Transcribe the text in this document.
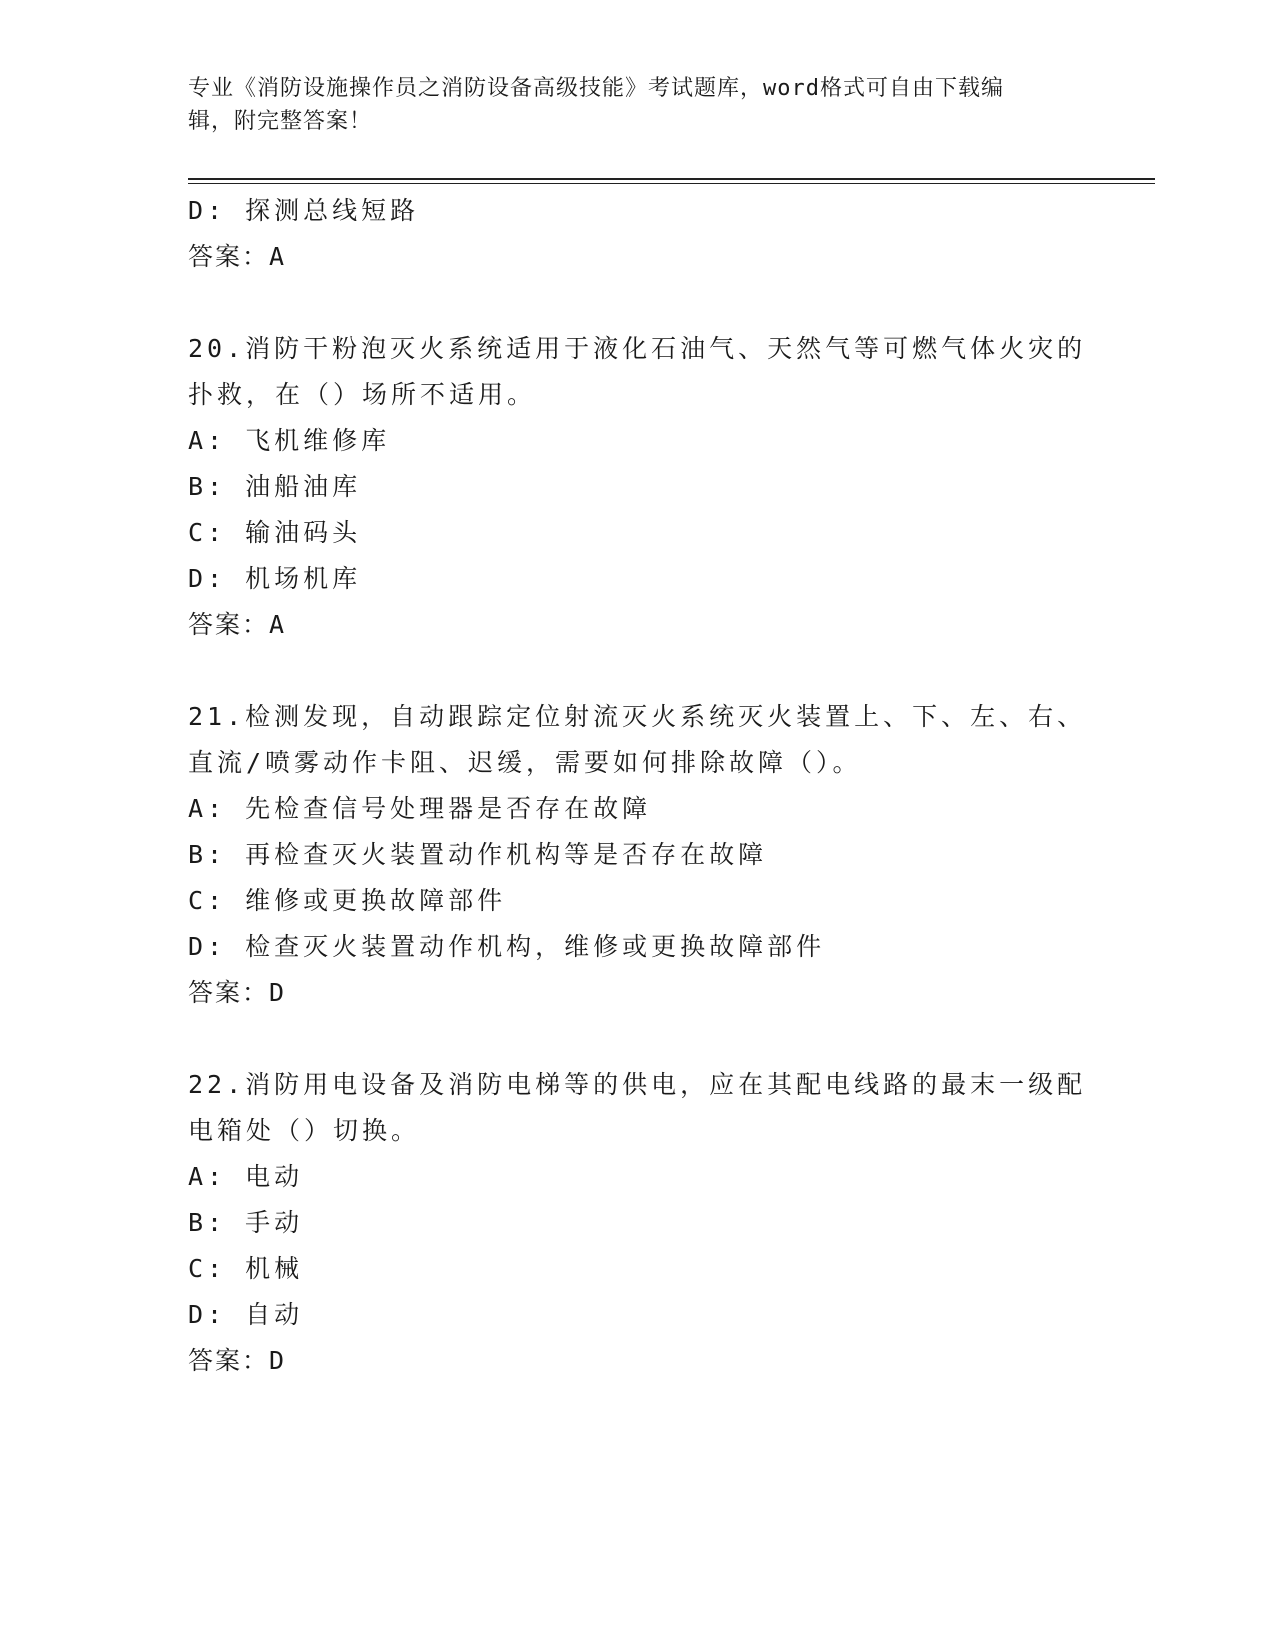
专业《消防设施操作员之消防设备高级技能》考试题库，word格式可自由下载编
辑，附完整答案！
D: 探测总线短路
答案：A
20.消防干粉泡灭火系统适用于液化石油气、天然气等可燃气体火灾的
扑救，在（）场所不适用。
A: 飞机维修库
B: 油船油库
C: 输油码头
D: 机场机库
答案：A
21.检测发现，自动跟踪定位射流灭火系统灭火装置上、下、左、右、
直流/喷雾动作卡阻、迟缓，需要如何排除故障（）。
A: 先检查信号处理器是否存在故障
B: 再检查灭火装置动作机构等是否存在故障
C: 维修或更换故障部件
D: 检查灭火装置动作机构，维修或更换故障部件
答案：D
22.消防用电设备及消防电梯等的供电，应在其配电线路的最末一级配
电箱处（）切换。
A: 电动
B: 手动
C: 机械
D: 自动
答案：D
